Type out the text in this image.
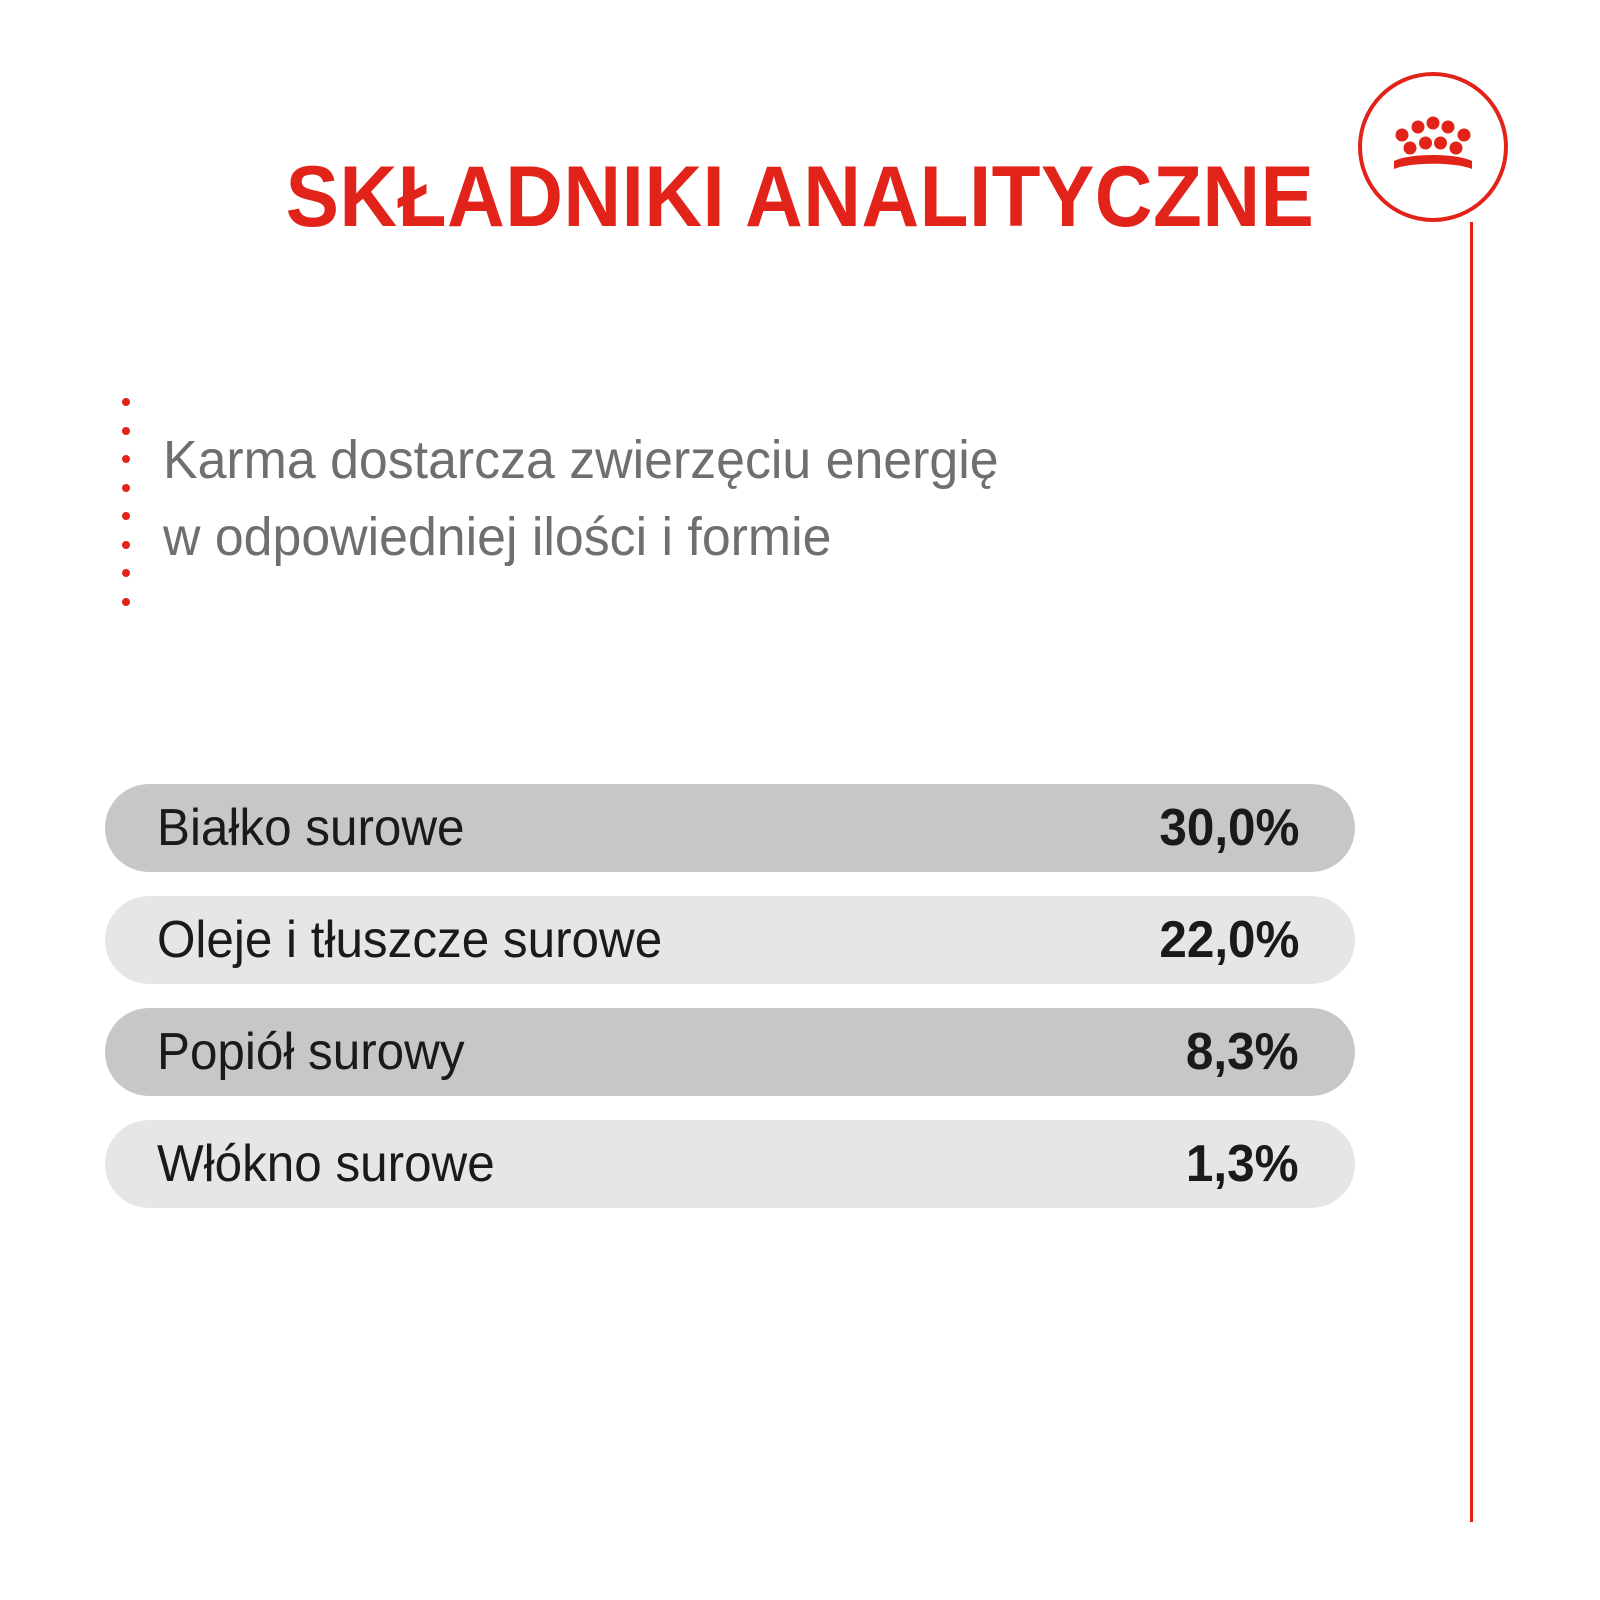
SKŁADNIKI ANALITYCZNE
Karma dostarcza zwierzęciu energię
w odpowiedniej ilości i formie
Białko surowe	30,0%
Oleje i tłuszcze surowe	22,0%
Popiół surowy	8,3%
Włókno surowe	1,3%
